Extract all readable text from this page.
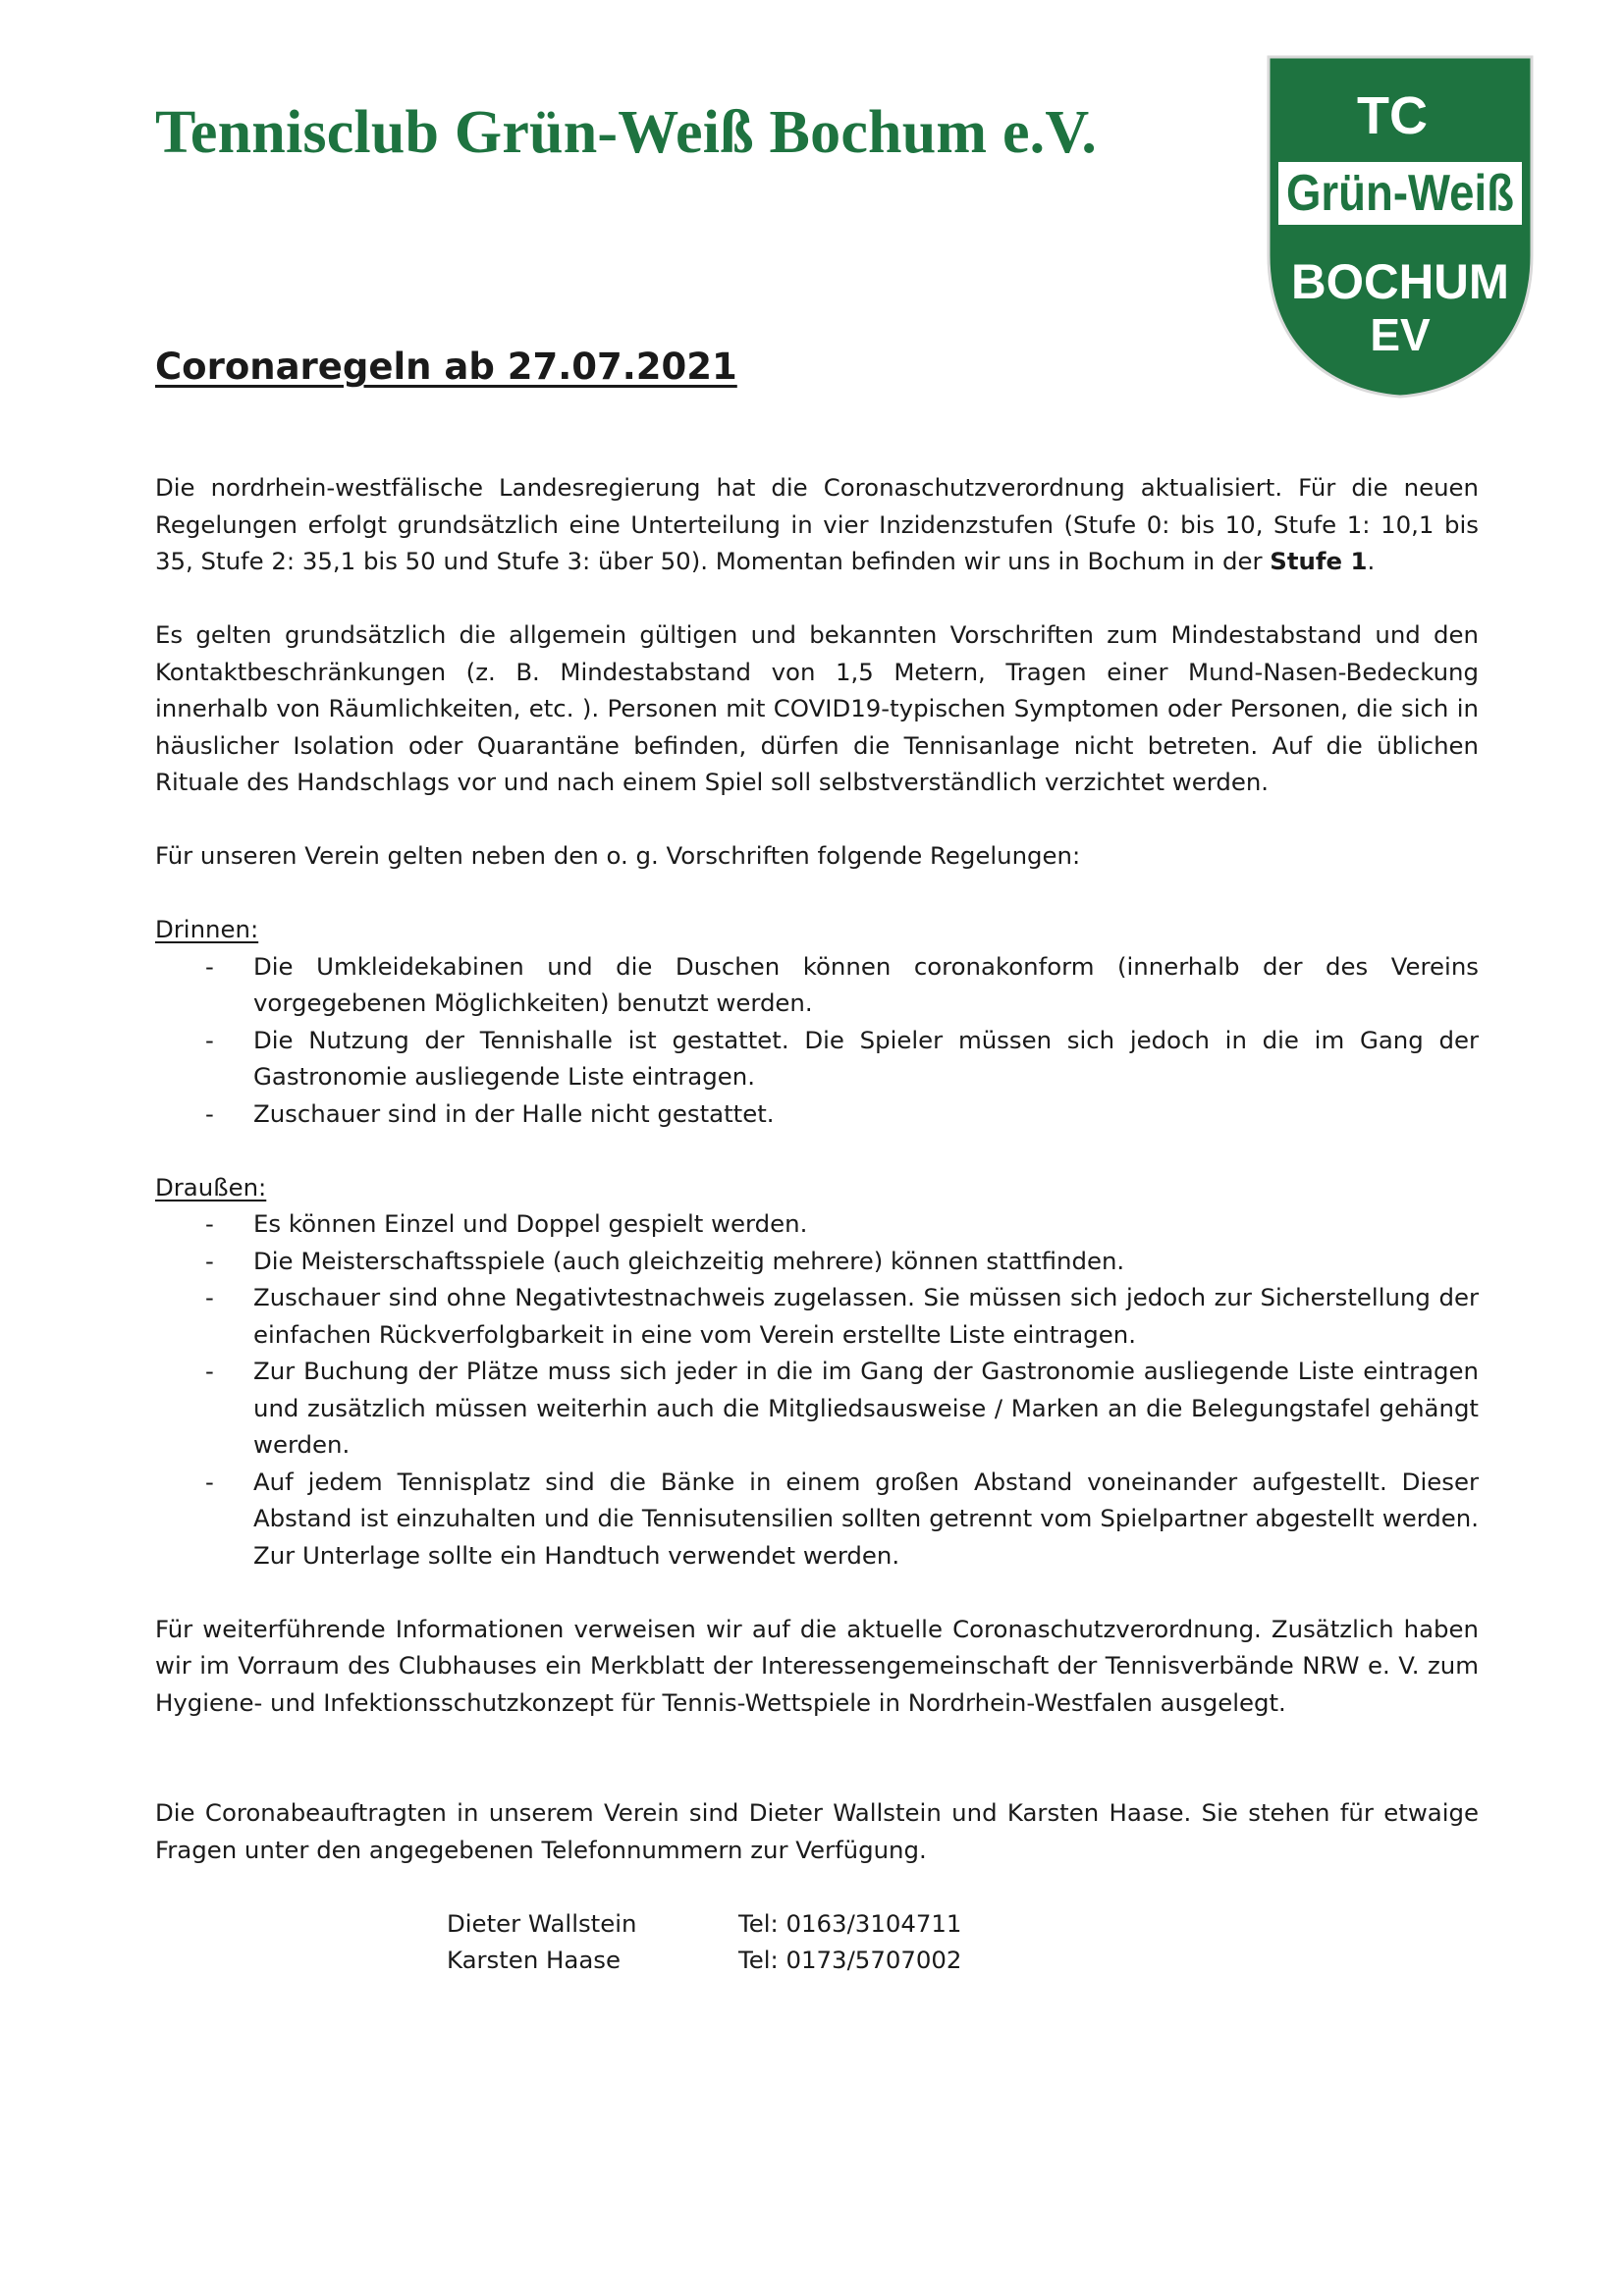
Tennisclub Grün-Weiß Bochum e.V.	TC
Grün-Weiß
BOCHUM
EV
Coronaregeln ab 27.07.2021

Die nordrhein-westfälische Landesregierung hat die Coronaschutzverordnung aktualisiert. Für die neuen Regelungen erfolgt grundsätzlich eine Unterteilung in vier Inzidenzstufen (Stufe 0: bis 10, Stufe 1: 10,1 bis 35, Stufe 2: 35,1 bis 50 und Stufe 3: über 50). Momentan befinden wir uns in Bochum in der Stufe 1.

Es gelten grundsätzlich die allgemein gültigen und bekannten Vorschriften zum Mindestabstand und den Kontaktbeschränkungen (z. B. Mindestabstand von 1,5 Metern, Tragen einer Mund-Nasen-Bedeckung innerhalb von Räumlichkeiten, etc. ). Personen mit COVID19-typischen Symptomen oder Personen, die sich in häuslicher Isolation oder Quarantäne befinden, dürfen die Tennisanlage nicht betreten. Auf die üblichen Rituale des Handschlags vor und nach einem Spiel soll selbstverständlich verzichtet werden.

Für unseren Verein gelten neben den o. g. Vorschriften folgende Regelungen:

Drinnen:
- Die Umkleidekabinen und die Duschen können coronakonform (innerhalb der des Vereins vorgegebenen Möglichkeiten) benutzt werden.
- Die Nutzung der Tennishalle ist gestattet. Die Spieler müssen sich jedoch in die im Gang der Gastronomie ausliegende Liste eintragen.
- Zuschauer sind in der Halle nicht gestattet.
Draußen:
- Es können Einzel und Doppel gespielt werden.
- Die Meisterschaftsspiele (auch gleichzeitig mehrere) können stattfinden.
- Zuschauer sind ohne Negativtestnachweis zugelassen. Sie müssen sich jedoch zur Sicherstellung der einfachen Rückverfolgbarkeit in eine vom Verein erstellte Liste eintragen.
- Zur Buchung der Plätze muss sich jeder in die im Gang der Gastronomie ausliegende Liste eintragen und zusätzlich müssen weiterhin auch die Mitgliedsausweise / Marken an die Belegungstafel gehängt werden.
- Auf jedem Tennisplatz sind die Bänke in einem großen Abstand voneinander aufgestellt. Dieser Abstand ist einzuhalten und die Tennisutensilien sollten getrennt vom Spielpartner abgestellt werden. Zur Unterlage sollte ein Handtuch verwendet werden.

Für weiterführende Informationen verweisen wir auf die aktuelle Coronaschutzverordnung. Zusätzlich haben wir im Vorraum des Clubhauses ein Merkblatt der Interessengemeinschaft der Tennisverbände NRW e. V. zum Hygiene- und Infektionsschutzkonzept für Tennis-Wettspiele in Nordrhein-Westfalen ausgelegt.

Die Coronabeauftragten in unserem Verein sind Dieter Wallstein und Karsten Haase. Sie stehen für etwaige Fragen unter den angegebenen Telefonnummern zur Verfügung.

Dieter Wallstein	Tel: 0163/3104711
Karsten Haase	Tel: 0173/5707002
